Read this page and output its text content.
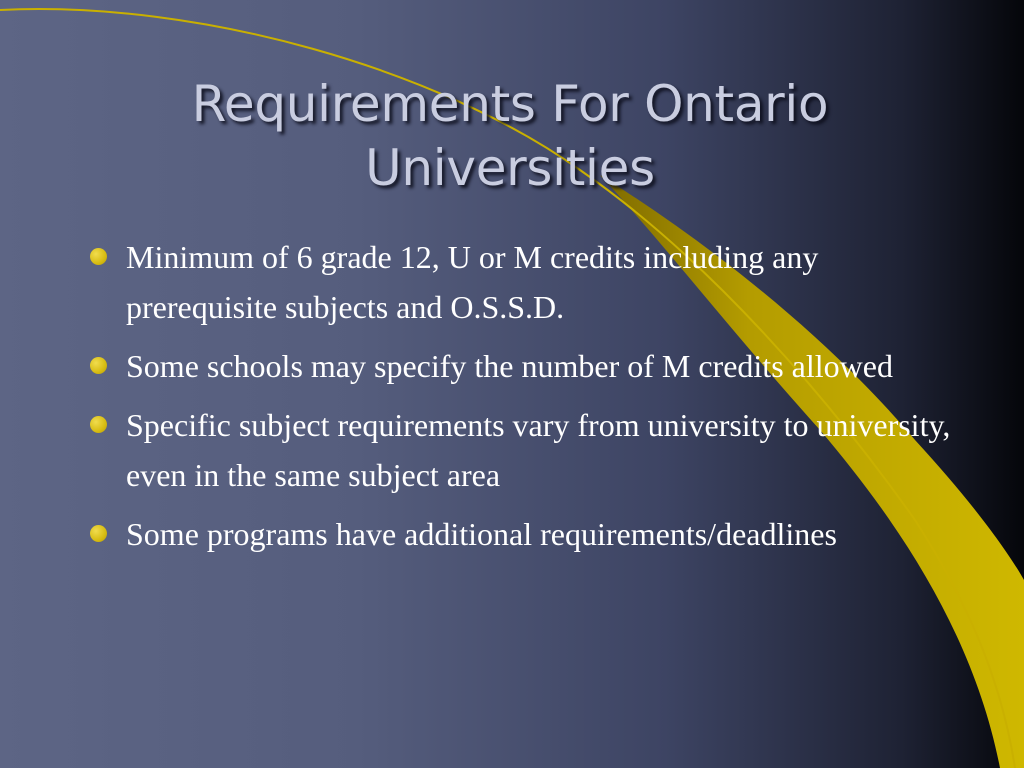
Requirements For Ontario
Universities
Minimum of 6 grade 12, U or M credits including any prerequisite subjects and O.S.S.D.
Some schools may specify the number of M credits allowed
Specific subject requirements vary from university to university, even in the same subject area
Some programs have additional requirements/deadlines
